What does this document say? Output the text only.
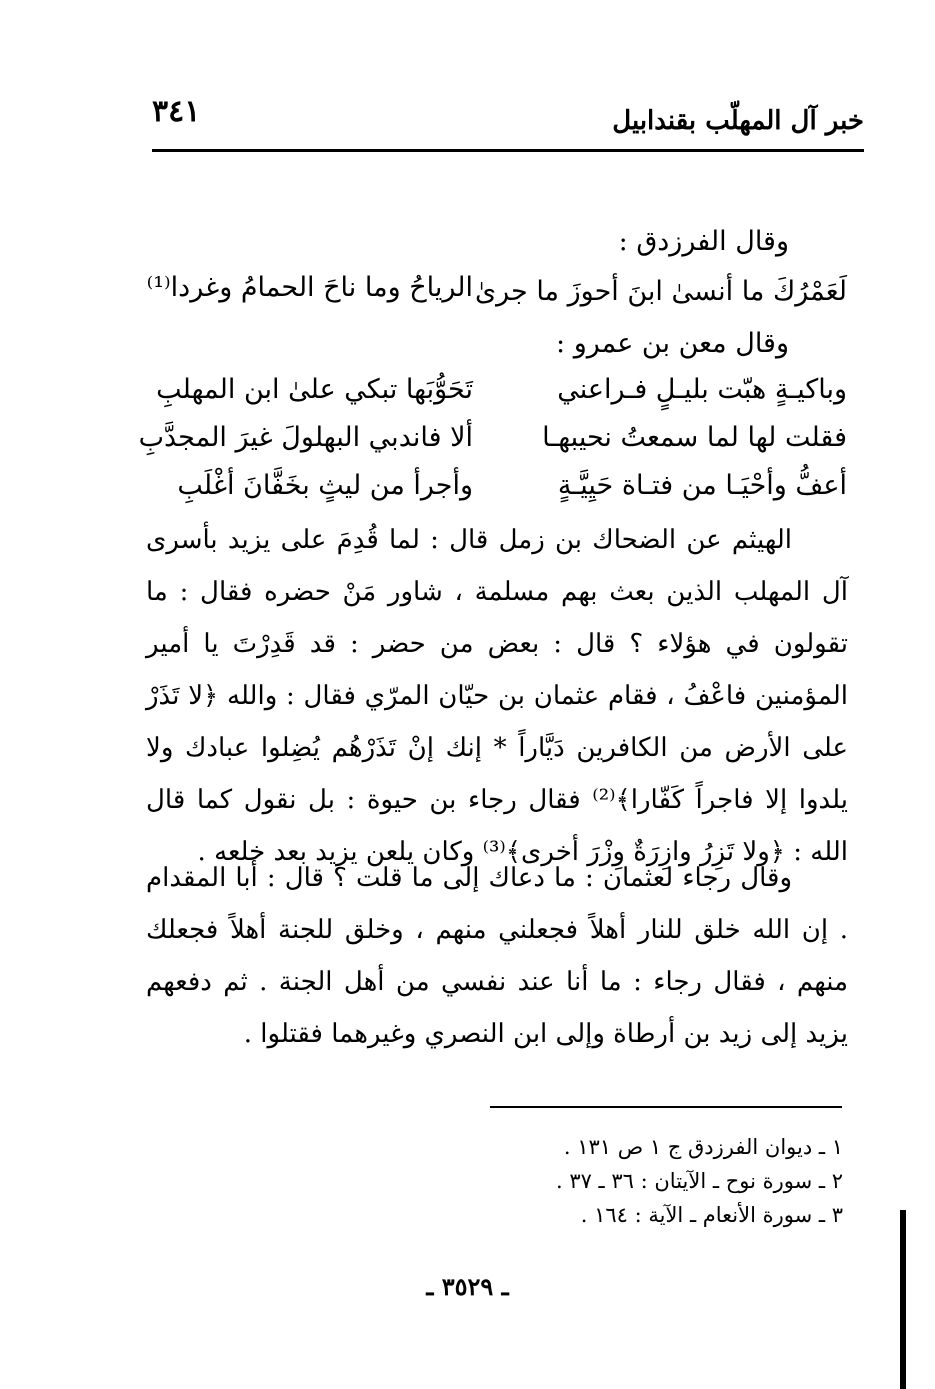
خبر آل المهلّب بقندابيل
٣٤١
وقال الفرزدق :
لَعَمْرُكَ ما أنسىٰ ابنَ أحوزَ ما جرىٰ
الرياحُ وما ناحَ الحمامُ وغردا⁽¹⁾
وقال معن بن عمرو :
وباكيـةٍ هبّت بليـلٍ فـراعني
تَحَوُّبَها تبكي علىٰ ابن المهلبِ
فقلت لها لما سمعتُ نحيبهـا
ألا فاندبي البهلولَ غيرَ المجدَّبِ
أعفُّ وأحْيَـا من فتـاة حَيِيَّـةٍ
وأجرأ من ليثٍ بخَفَّانَ أغْلَبِ

الهيثم عن الضحاك بن زمل قال : لما قُدِمَ على يزيد بأسرى آل المهلب الذين بعث بهم مسلمة ، شاور مَنْ حضره فقال : ما تقولون في هؤلاء ؟ قال : بعض من حضر : قد قَدِرْتَ يا أمير المؤمنين فاعْفُ ، فقام عثمان بن حيّان المرّي فقال : والله ﴿لا تَذَرْ على الأرض من الكافرين دَيَّاراً * إنك إنْ تَذَرْهُم يُضِلوا عبادك ولا يلدوا إلا فاجراً كَفّارا﴾⁽²⁾ فقال رجاء بن حيوة : بل نقول كما قال الله : ﴿ولا تَزِرُ وازِرَةٌ وِزْرَ أخرى﴾⁽³⁾ وكان يلعن يزيد بعد خلعه .

وقال رجاء لعثمان : ما دعاك إلى ما قلت ؟ قال : أبا المقدام . إن الله خلق للنار أهلاً فجعلني منهم ، وخلق للجنة أهلاً فجعلك منهم ، فقال رجاء : ما أنا عند نفسي من أهل الجنة . ثم دفعهم يزيد إلى زيد بن أرطاة وإلى ابن النصري وغيرهما فقتلوا .

١ ـ ديوان الفرزدق ج ١ ص ١٣١ .
٢ ـ سورة نوح ـ الآيتان : ٣٦ ـ ٣٧ .
٣ ـ سورة الأنعام ـ الآية : ١٦٤ .
ـ ٣٥٢٩ ـ
